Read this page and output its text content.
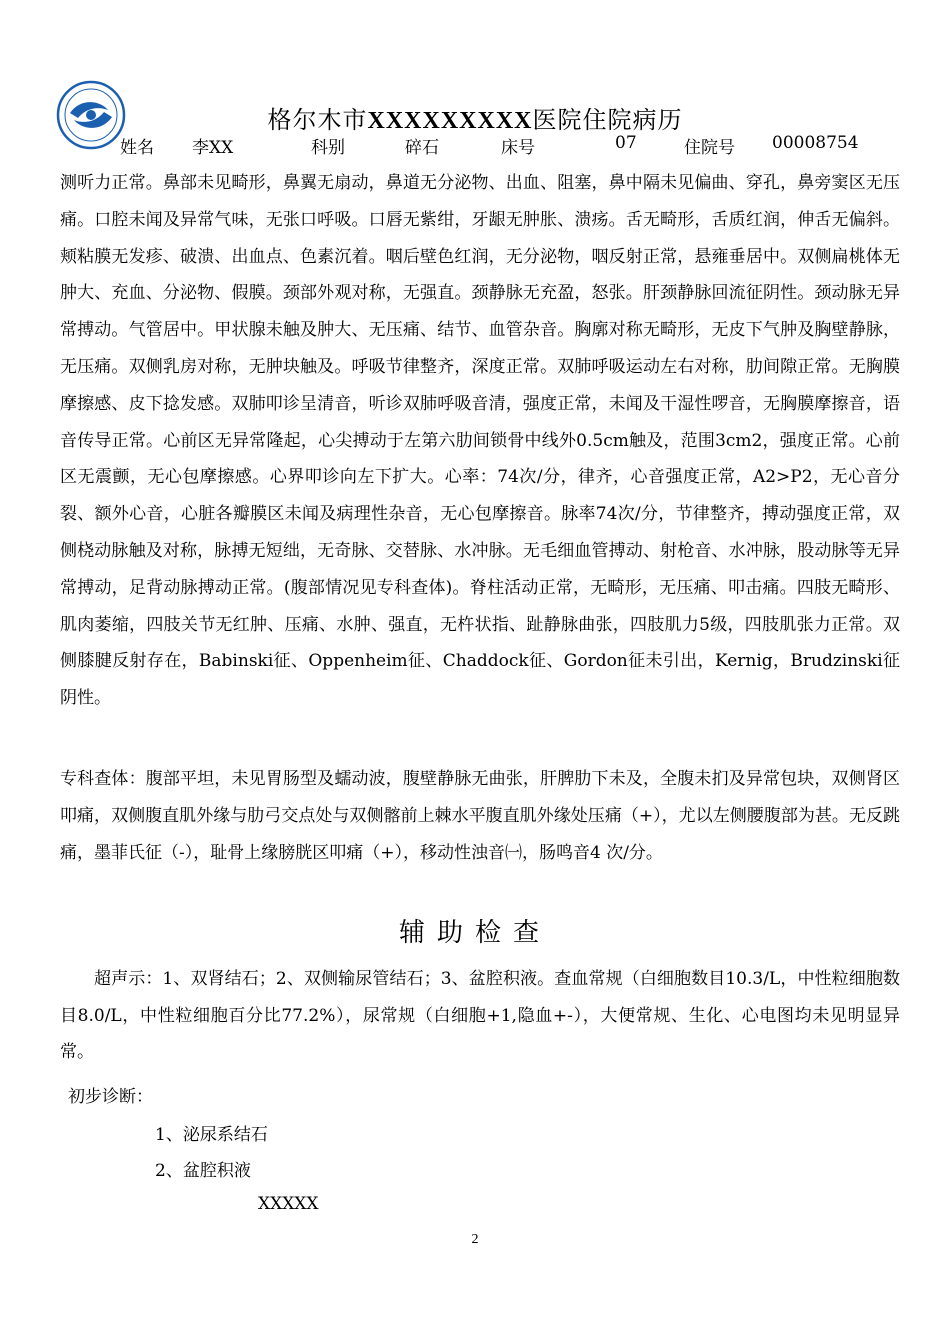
格尔木市XXXXXXXXX医院住院病历
姓名 李XX	科别	碎石	床号	07	住院号 00008754
测听力正常。鼻部未见畸形，鼻翼无扇动，鼻道无分泌物、出血、阻塞，鼻中隔未见偏曲、穿孔，鼻旁窦区无压痛。口腔未闻及异常气味，无张口呼吸。口唇无紫绀，牙龈无肿胀、溃疡。舌无畸形，舌质红润，伸舌无偏斜。颊粘膜无发疹、破溃、出血点、色素沉着。咽后壁色红润，无分泌物，咽反射正常，悬雍垂居中。双侧扁桃体无肿大、充血、分泌物、假膜。颈部外观对称，无强直。颈静脉无充盈，怒张。肝颈静脉回流征阴性。颈动脉无异常搏动。气管居中。甲状腺未触及肿大、无压痛、结节、血管杂音。胸廓对称无畸形，无皮下气肿及胸壁静脉，无压痛。双侧乳房对称，无肿块触及。呼吸节律整齐，深度正常。双肺呼吸运动左右对称，肋间隙正常。无胸膜摩擦感、皮下捻发感。双肺叩诊呈清音，听诊双肺呼吸音清，强度正常，未闻及干湿性啰音，无胸膜摩擦音，语音传导正常。心前区无异常隆起，心尖搏动于左第六肋间锁骨中线外0.5cm触及，范围3cm2，强度正常。心前区无震颤，无心包摩擦感。心界叩诊向左下扩大。心率：74次/分，律齐，心音强度正常，A2>P2，无心音分裂、额外心音，心脏各瓣膜区未闻及病理性杂音，无心包摩擦音。脉率74次/分，节律整齐，搏动强度正常，双侧桡动脉触及对称，脉搏无短绌，无奇脉、交替脉、水冲脉。无毛细血管搏动、射枪音、水冲脉，股动脉等无异常搏动，足背动脉搏动正常。(腹部情况见专科查体)。脊柱活动正常，无畸形，无压痛、叩击痛。四肢无畸形、肌肉萎缩，四肢关节无红肿、压痛、水肿、强直，无杵状指、趾静脉曲张，四肢肌力5级，四肢肌张力正常。双侧膝腱反射存在，Babinski征、Oppenheim征、Chaddock征、Gordon征未引出，Kernig，Brudzinski征阴性。
专科查体：腹部平坦，未见胃肠型及蠕动波，腹壁静脉无曲张，肝脾肋下未及，全腹未扪及异常包块，双侧肾区叩痛，双侧腹直肌外缘与肋弓交点处与双侧髂前上棘水平腹直肌外缘处压痛（+），尤以左侧腰腹部为甚。无反跳痛，墨菲氏征（-），耻骨上缘膀胱区叩痛（+），移动性浊音㈠，肠鸣音4 次/分。
辅助检查
超声示：1、双肾结石；2、双侧输尿管结石；3、盆腔积液。查血常规（白细胞数目10.3/L，中性粒细胞数目8.0/L，中性粒细胞百分比77.2%），尿常规（白细胞+1,隐血+-），大便常规、生化、心电图均未见明显异常。
初步诊断：
1、泌尿系结石
2、盆腔积液
XXXXX
2
